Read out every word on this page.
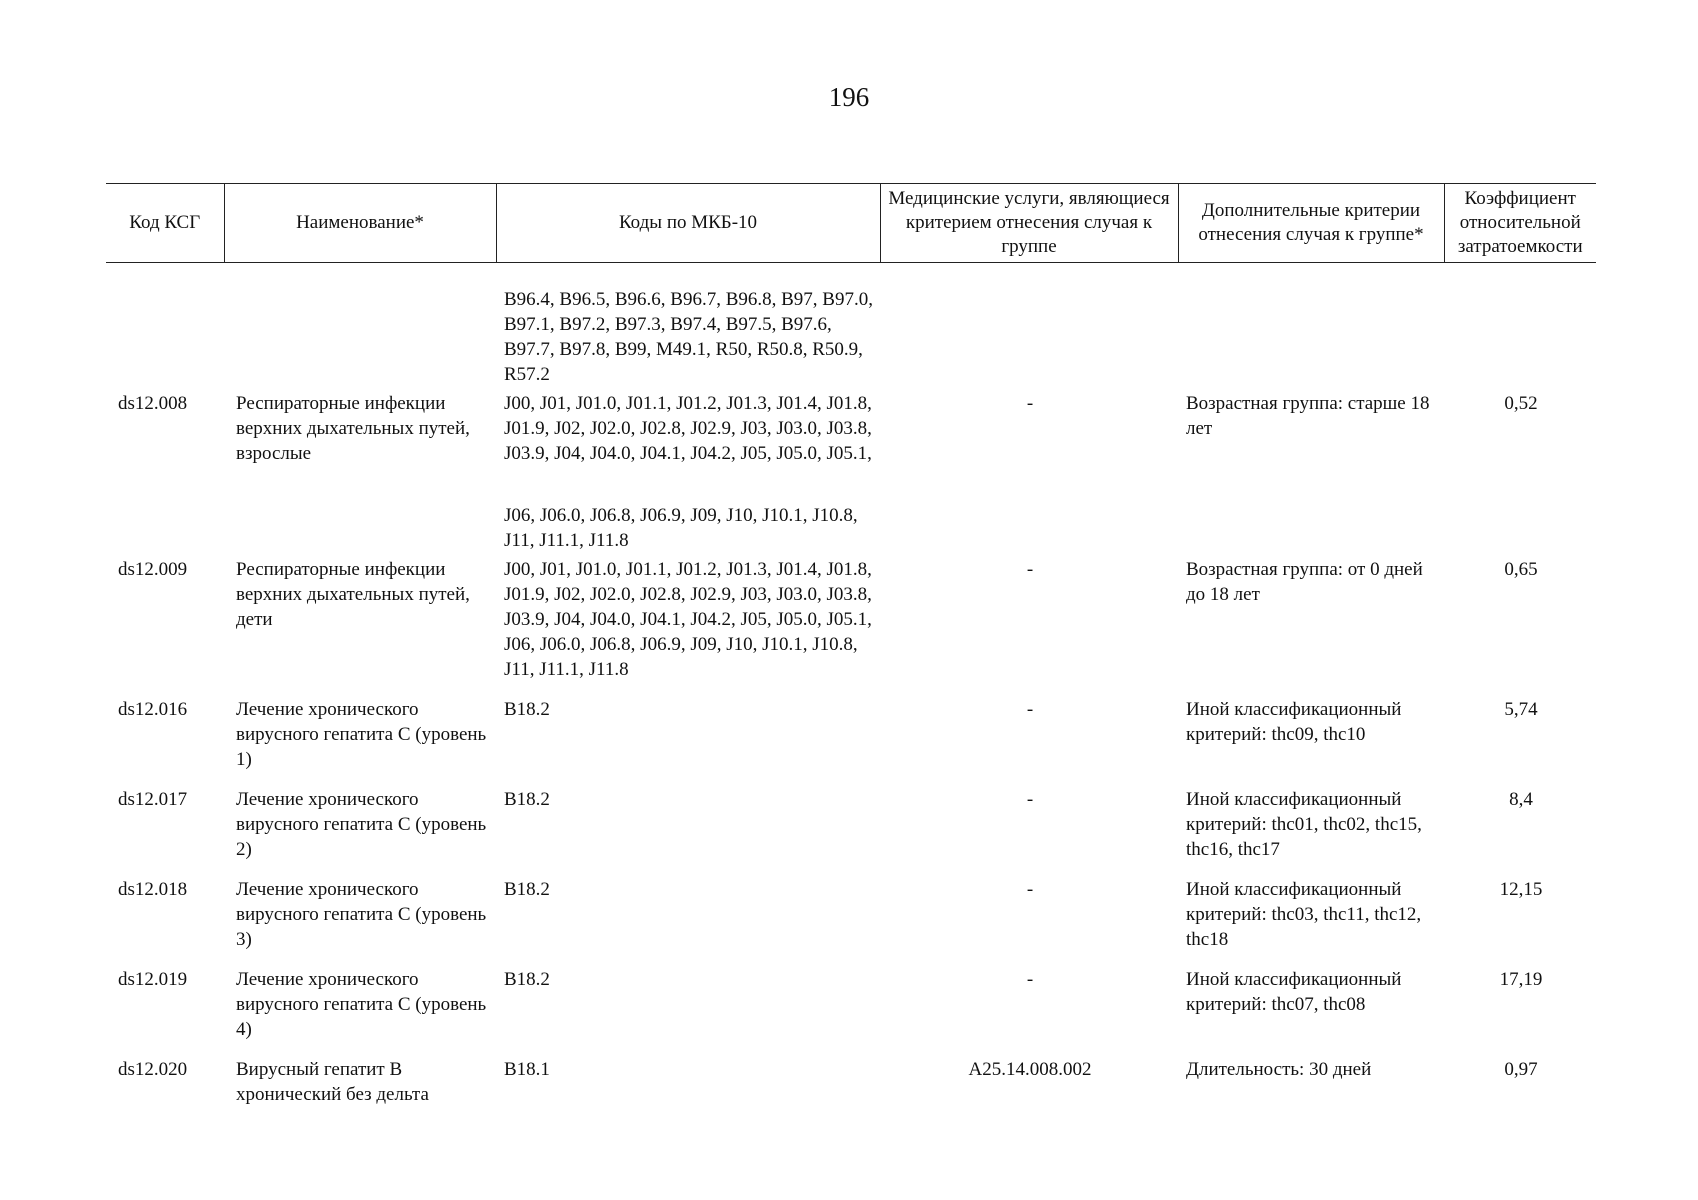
196
Код КСГ	Наименование*	Коды по МКБ-10	Медицинские услуги, являющиеся критерием отнесения случая к группе	Дополнительные критерии отнесения случая к группе*	Коэффициент относительной затратоемкости
		B96.4, B96.5, B96.6, B96.7, B96.8, B97, B97.0, B97.1, B97.2, B97.3, B97.4, B97.5, B97.6, B97.7, B97.8, B99, M49.1, R50, R50.8, R50.9, R57.2			
ds12.008	Респираторные инфекции верхних дыхательных путей, взрослые	J00, J01, J01.0, J01.1, J01.2, J01.3, J01.4, J01.8, J01.9, J02, J02.0, J02.8, J02.9, J03, J03.0, J03.8, J03.9, J04, J04.0, J04.1, J04.2, J05, J05.0, J05.1,	-	Возрастная группа: старше 18 лет	0,52
		J06, J06.0, J06.8, J06.9, J09, J10, J10.1, J10.8, J11, J11.1, J11.8			
ds12.009	Респираторные инфекции верхних дыхательных путей, дети	J00, J01, J01.0, J01.1, J01.2, J01.3, J01.4, J01.8, J01.9, J02, J02.0, J02.8, J02.9, J03, J03.0, J03.8, J03.9, J04, J04.0, J04.1, J04.2, J05, J05.0, J05.1, J06, J06.0, J06.8, J06.9, J09, J10, J10.1, J10.8, J11, J11.1, J11.8	-	Возрастная группа: от 0 дней до 18 лет	0,65
ds12.016	Лечение хронического вирусного гепатита C (уровень 1)	B18.2	-	Иной классификационный критерий: thc09, thc10	5,74
ds12.017	Лечение хронического вирусного гепатита C (уровень 2)	B18.2	-	Иной классификационный критерий: thc01, thc02, thc15, thc16, thc17	8,4
ds12.018	Лечение хронического вирусного гепатита C (уровень 3)	B18.2	-	Иной классификационный критерий: thc03, thc11, thc12, thc18	12,15
ds12.019	Лечение хронического вирусного гепатита C (уровень 4)	B18.2	-	Иной классификационный критерий: thc07, thc08	17,19
ds12.020	Вирусный гепатит B хронический без дельта	B18.1	A25.14.008.002	Длительность: 30 дней	0,97
